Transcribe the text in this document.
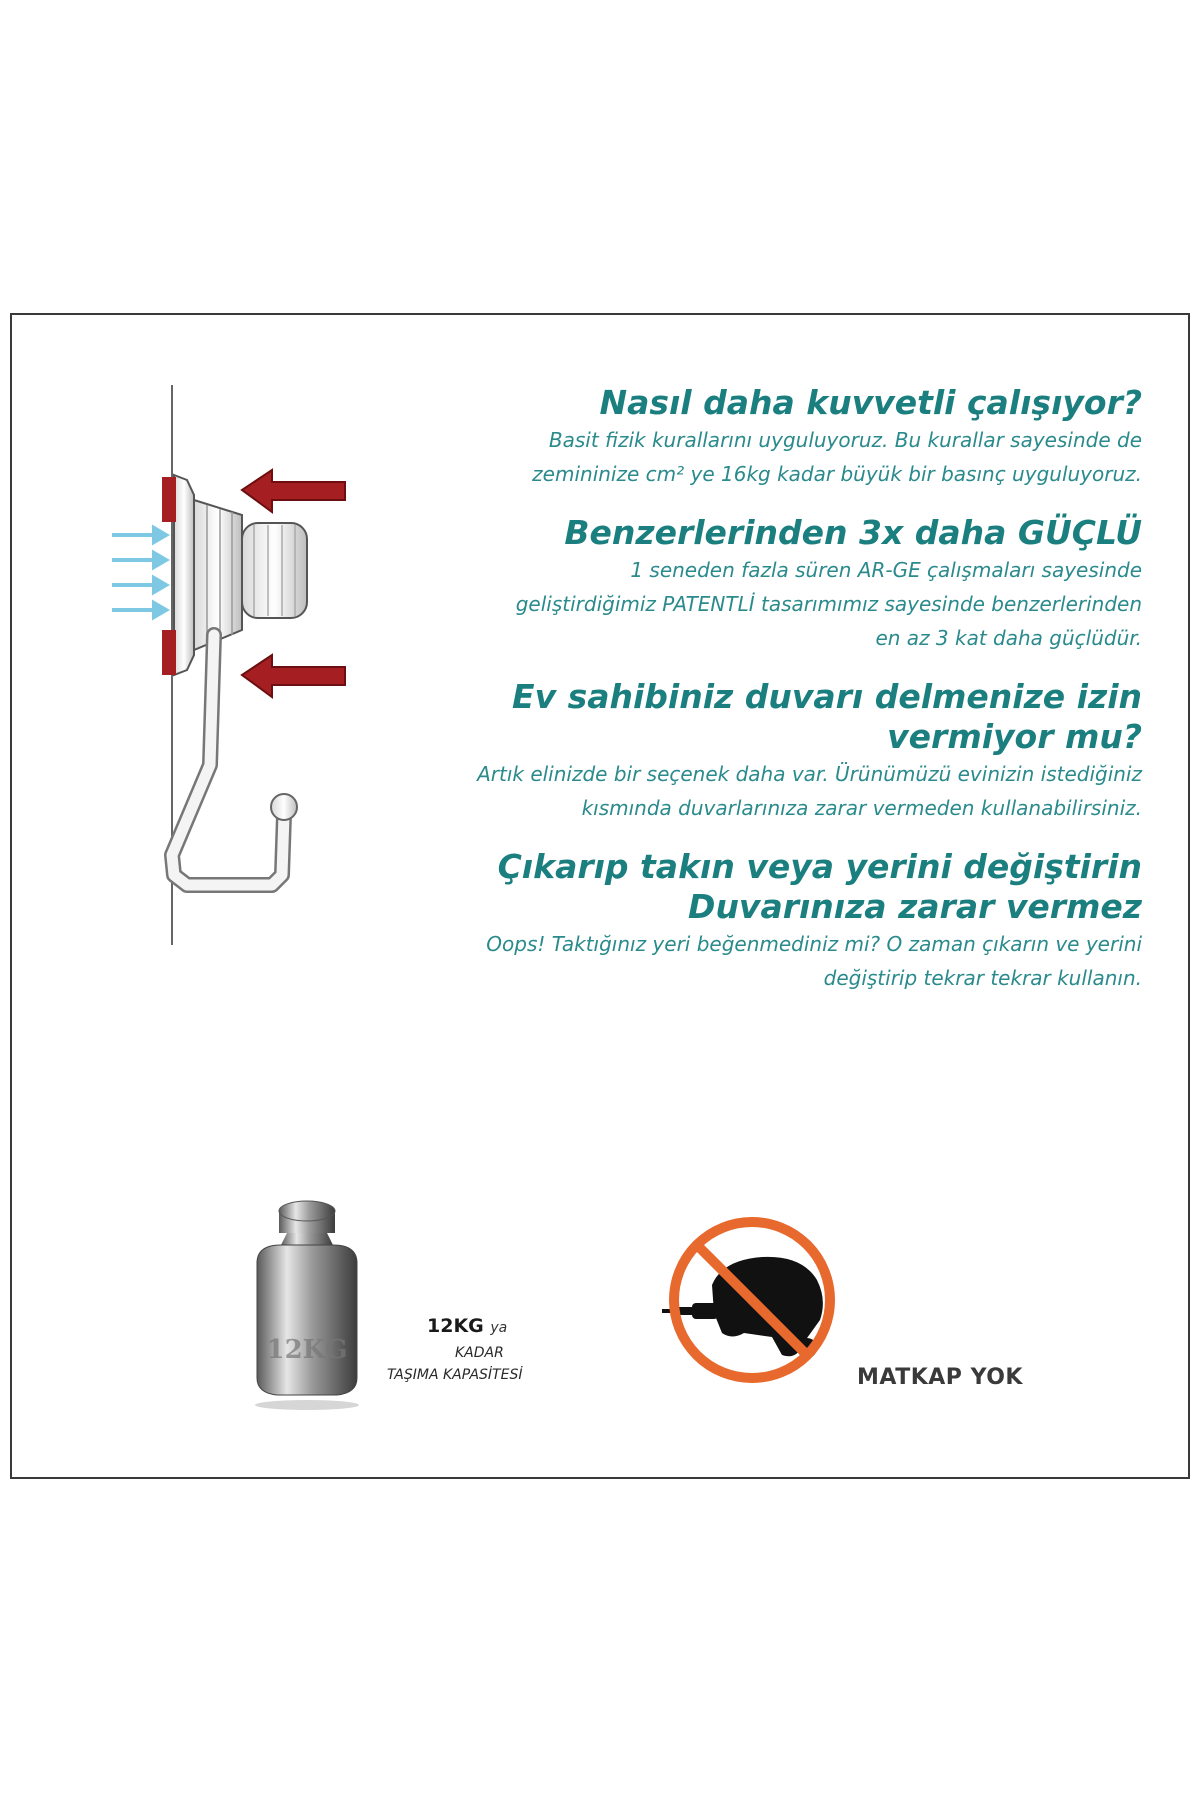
Nasıl daha kuvvetli çalışıyor?

Basit fizik kurallarını uyguluyoruz. Bu kurallar sayesinde de

zemininize cm² ye 16kg kadar büyük bir basınç uyguluyoruz.

Benzerlerinden 3x daha GÜÇLÜ

1 seneden fazla süren AR-GE çalışmaları sayesinde

geliştirdiğimiz PATENTLİ tasarımımız sayesinde benzerlerinden

en az 3 kat daha güçlüdür.

Ev sahibiniz duvarı delmenize izin

vermiyor mu?

Artık elinizde bir seçenek daha var. Ürünümüzü evinizin istediğiniz

kısmında duvarlarınıza zarar vermeden kullanabilirsiniz.

Çıkarıp takın veya yerini değiştirin

Duvarınıza zarar vermez

Oops! Taktığınız yeri beğenmediniz mi? O zaman çıkarın ve yerini

değiştirip tekrar tekrar kullanın.

12KG
12KG ya
KADAR
TAŞIMA KAPASİTESİ	MATKAP YOK
